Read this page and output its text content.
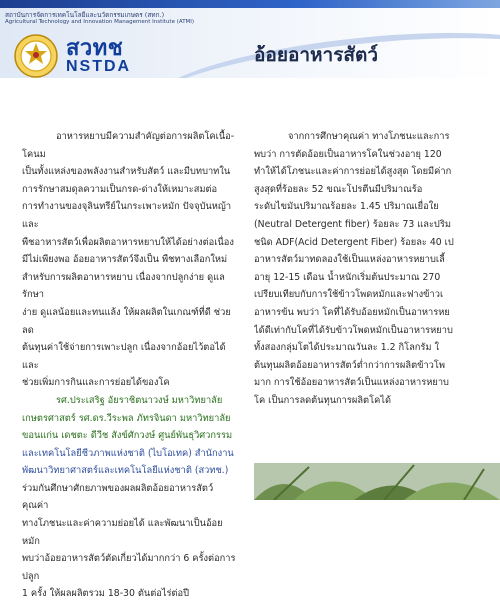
สถาบันการจัดการเทคโนโลยีและนวัตกรรมเกษตร (สทก.)
Agricultural Technology and Innovation Management Institute (ATMI)
สวทช
NSTDA
อ้อยอาหารสัตว์

อาหารหยาบมีความสำคัญต่อการผลิตโคเนื้อ-โคนม

เป็นทั้งแหล่งของพลังงานสำหรับสัตว์ และมีบทบาทใน

การรักษาสมดุลความเป็นกรด-ด่างให้เหมาะสมต่อ

การทำงานของจุลินทรีย์ในกระเพาะหมัก ปัจจุบันหญ้าและ

พืชอาหารสัตว์เพื่อผลิตอาหารหยาบให้ได้อย่างต่อเนื่อง

มีไม่เพียงพอ อ้อยอาหารสัตว์จึงเป็น พืชทางเลือกใหม่

สำหรับการผลิตอาหารหยาบ เนื่องจากปลูกง่าย ดูแลรักษา

ง่าย ดูแลน้อยและทนแล้ง ให้ผลผลิตในเกณฑ์ที่ดี ช่วยลด

ต้นทุนค่าใช้จ่ายการเพาะปลูก เนื่องจากอ้อยไว้ตอได้และ

ช่วยเพิ่มการกินและการย่อยได้ของโค

รศ.ประเสริฐ อัยราชิตนาวงษ์ มหาวิทยาลัย

เกษตรศาสตร์ รศ.ดร.วีระพล ภัทรจินดา มหาวิทยาลัย

ขอนแก่น เดชตะ ดีวีช สังข์ศักวงษ์ ศูนย์พันธุวิศวกรรม

และเทคโนโลยีชีวภาพแห่งชาติ (ไบโอเทค) สำนักงาน

พัฒนาวิทยาศาสตร์และเทคโนโลยีแห่งชาติ (สวทช.)

ร่วมกันศึกษาศักยภาพของผลผลิตอ้อยอาหารสัตว์ คุณค่า

ทางโภชนะและค่าความย่อยได้ และพัฒนาเป็นอ้อยหมัก

พบว่าอ้อยอาหารสัตว์ตัดเกี่ยวได้มากกว่า 6 ครั้งต่อการปลูก

1 ครั้ง ให้ผลผลิตรวม 18-30 ตันต่อไร่ต่อปี

จากการศึกษาคุณค่า ทางโภชนะและการ

พบว่า การตัดอ้อยเป็นอาหารโคในช่วงอายุ 120

ทำให้ได้โภชนะและค่าการย่อยได้สูงสุด โดยมีค่าก

สูงสุดที่ร้อยละ 52 ขณะโปรตีนมีปริมาณร้อ

ระดับไขมันปริมาณร้อยละ 1.45 ปริมาณเยื่อใย

(Neutral Detergent fiber) ร้อยละ 73 และปริม

ชนิด ADF(Acid Detergent Fiber) ร้อยละ 40 เป

อาหารสัตว์มาทดลองใช้เป็นแหล่งอาหารหยาบเลี้

อายุ 12-15 เดือน น้ำหนักเริ่มต้นประมาณ 270

เปรียบเทียบกับการใช้ข้าวโพดหมักและฟางข้าวเ

อาหารข้น พบว่า โคที่ได้รับอ้อยหมักเป็นอาหารหย

ได้ดีเท่ากับโคที่ได้รับข้าวโพดหมักเป็นอาหารหยาบ

ทั้งสองกลุ่มโตได้ประมาณวันละ 1.2 กิโลกรัม ใ

ต้นทุนผลิตอ้อยอาหารสัตว์ต่ำกว่าการผลิตข้าวโพ

มาก การใช้อ้อยอาหารสัตว์เป็นแหล่งอาหารหยาบ

โค เป็นการลดต้นทุนการผลิตโคได้
